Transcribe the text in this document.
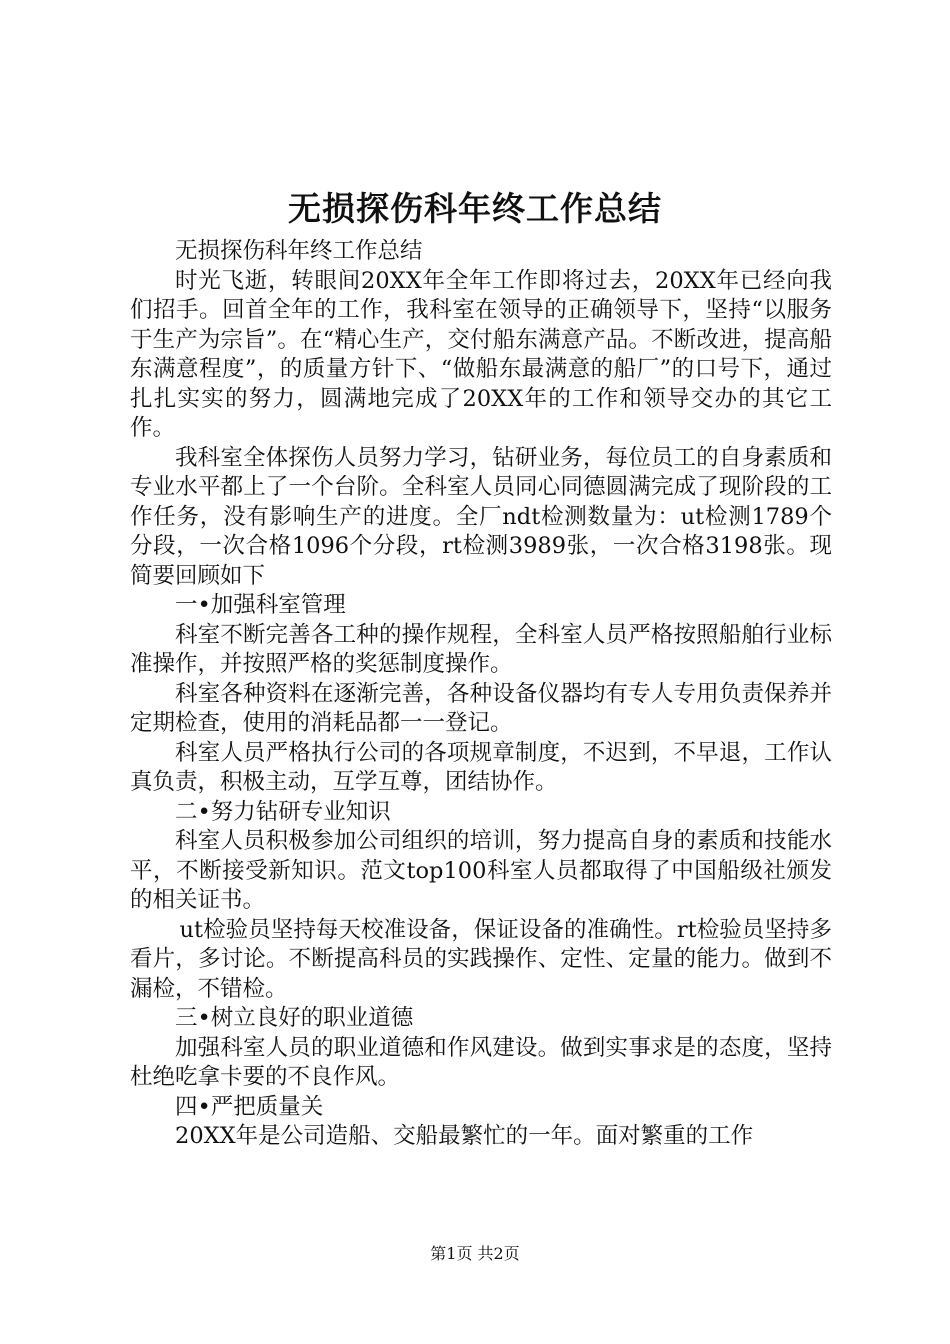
无损探伤科年终工作总结

无损探伤科年终工作总结

时光飞逝，转眼间20XX年全年工作即将过去，20XX年已经向我们招手。回首全年的工作，我科室在领导的正确领导下，坚持“以服务于生产为宗旨”。在“精心生产，交付船东满意产品。不断改进，提高船东满意程度”，的质量方针下、“做船东最满意的船厂”的口号下，通过扎扎实实的努力，圆满地完成了20XX年的工作和领导交办的其它工作。

我科室全体探伤人员努力学习，钻研业务，每位员工的自身素质和专业水平都上了一个台阶。全科室人员同心同德圆满完成了现阶段的工作任务，没有影响生产的进度。全厂ndt检测数量为：ut检测1789个分段，一次合格1096个分段，rt检测3989张，一次合格3198张。现简要回顾如下

一•加强科室管理

科室不断完善各工种的操作规程，全科室人员严格按照船舶行业标准操作，并按照严格的奖惩制度操作。

科室各种资料在逐渐完善，各种设备仪器均有专人专用负责保养并定期检查，使用的消耗品都一一登记。

科室人员严格执行公司的各项规章制度，不迟到，不早退，工作认真负责，积极主动，互学互尊，团结协作。

二•努力钻研专业知识

科室人员积极参加公司组织的培训，努力提高自身的素质和技能水平，不断接受新知识。范文top100科室人员都取得了中国船级社颁发的相关证书。

ut检验员坚持每天校准设备，保证设备的准确性。rt检验员坚持多看片，多讨论。不断提高科员的实践操作、定性、定量的能力。做到不漏检，不错检。

三•树立良好的职业道德

加强科室人员的职业道德和作风建设。做到实事求是的态度，坚持杜绝吃拿卡要的不良作风。

四•严把质量关

20XX年是公司造船、交船最繁忙的一年。面对繁重的工作

第1页 共2页
